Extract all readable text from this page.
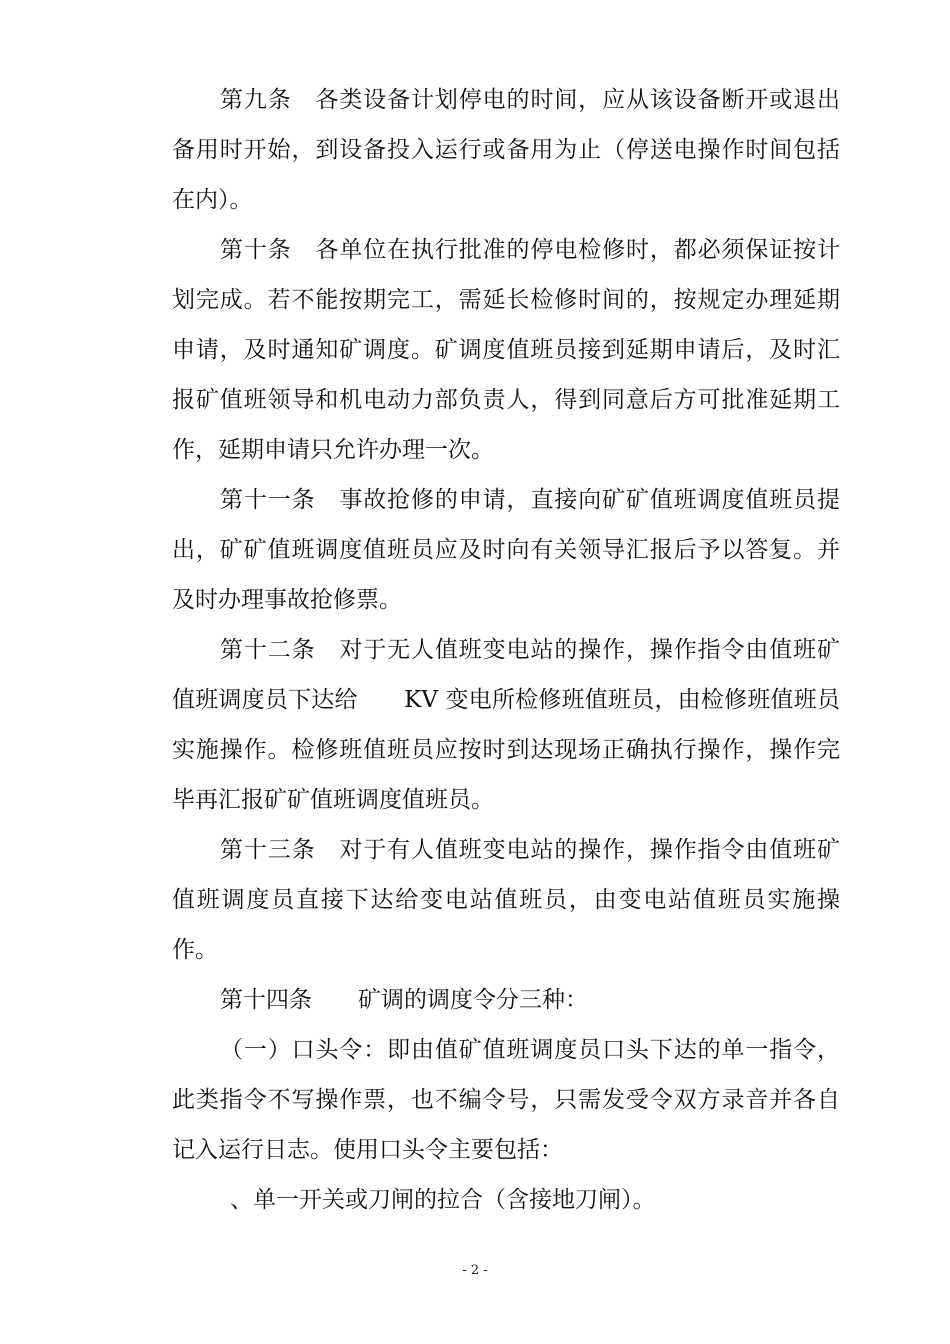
第九条　各类设备计划停电的时间，应从该设备断开或退出

备用时开始，到设备投入运行或备用为止（停送电操作时间包括

在内）。

第十条　各单位在执行批准的停电检修时，都必须保证按计

划完成。若不能按期完工，需延长检修时间的，按规定办理延期

申请，及时通知矿调度。矿调度值班员接到延期申请后，及时汇

报矿值班领导和机电动力部负责人，得到同意后方可批准延期工

作，延期申请只允许办理一次。

第十一条　事故抢修的申请，直接向矿矿值班调度值班员提

出，矿矿值班调度值班员应及时向有关领导汇报后予以答复。并

及时办理事故抢修票。

第十二条　对于无人值班变电站的操作，操作指令由值班矿

值班调度员下达给　　KV 变电所检修班值班员，由检修班值班员

实施操作。检修班值班员应按时到达现场正确执行操作，操作完

毕再汇报矿矿值班调度值班员。

第十三条　对于有人值班变电站的操作，操作指令由值班矿

值班调度员直接下达给变电站值班员，由变电站值班员实施操

作。

第十四条　　矿调的调度令分三种：

（一）口头令：即由值矿值班调度员口头下达的单一指令，

此类指令不写操作票，也不编令号，只需发受令双方录音并各自

记入运行日志。使用口头令主要包括：

、单一开关或刀闸的拉合（含接地刀闸）。

- 2 -
